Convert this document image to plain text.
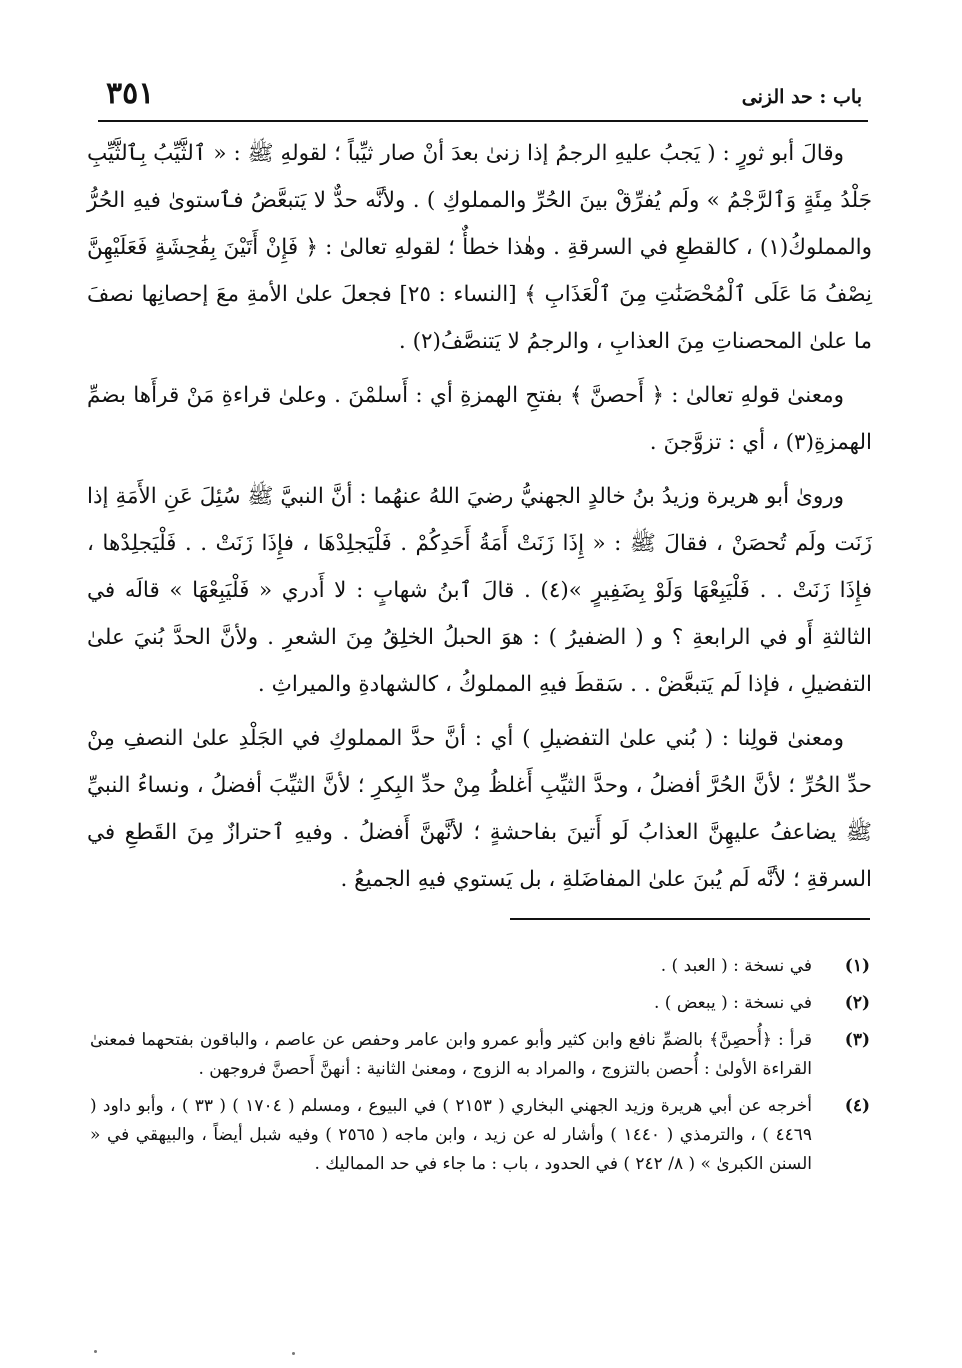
باب : حد الزنى
٣٥١

وقالَ أبو ثورٍ : ( يَجبُ عليهِ الرجمُ إذا زنىٰ بعدَ أنْ صار ثيِّباً ؛ لقولهِ ﷺ : « ٱلثَّيِّبُ بِٱلثَّيِّبِ جَلْدُ مِئَةٍ وَٱلرَّجْمُ » ولَم يُفرِّقْ بينَ الحُرِّ والمملوكِ ) . ولأنَّه حدٌّ لا يَتبعَّضُ فٱستوىٰ فيهِ الحُرُّ والمملوكُ(١) ، كالقطعِ في السرقةِ . وهٰذا خطأٌ ؛ لقولهِ تعالىٰ : ﴿ فَإِنْ أَتَيْنَ بِفَٰحِشَةٍ فَعَلَيْهِنَّ نِصْفُ مَا عَلَى ٱلْمُحْصَنَٰتِ مِنَ ٱلْعَذَابِ ﴾ [النساء : ٢٥] فجعلَ علىٰ الأمةِ معَ إحصانِها نصفَ ما علىٰ المحصناتِ مِنَ العذابِ ، والرجمُ لا يَتنصَّفُ(٢) .

ومعنىٰ قولهِ تعالىٰ : ﴿ أَحصنَّ ﴾ بفتحِ الهمزةِ أي : أَسلمْنَ . وعلىٰ قراءةِ مَنْ قرأَها بضمِّ الهمزةِ(٣) ، أي : تزوَّجنَ .

وروىٰ أبو هريرة وزيدُ بنُ خالدٍ الجهنيُّ رضيَ اللهُ عنهُما : أنَّ النبيَّ ﷺ سُئِلَ عَنِ الأَمَةِ إذا زَنَت ولَم تُحصَنْ ، فقالَ ﷺ : « إِذَا زَنَتْ أَمَةُ أَحَدِكُمْ . فَلْيَجلِدْهَا ، فإِذَا زَنَتْ . . فَلْيَجلِدْها ، فإِذَا زَنَتْ . . فَلْيَبِعْهَا وَلَوْ بِضَفِيرٍ »(٤) . قالَ ٱبنُ شهابٍ : لا أَدري « فَلْيَبِعْهَا » قالَه في الثالثةِ أَو في الرابعةِ ؟ و ( الضفيرُ ) : هوَ الحبلُ الخلِقُ مِنَ الشعرِ . ولأنَّ الحدَّ بُنيَ علىٰ التفضيلِ ، فإذا لَم يَتبعَّضْ . . سَقطَ فيهِ المملوكُ ، كالشهادةِ والميراثِ .

ومعنىٰ قولِنا : ( بُني علىٰ التفضيلِ ) أي : أنَّ حدَّ المملوكِ في الجَلْدِ علىٰ النصفِ مِنْ حدِّ الحُرِّ ؛ لأنَّ الحُرَّ أفضلُ ، وحدَّ الثيِّبِ أَغلظُ مِنْ حدِّ البِكرِ ؛ لأنَّ الثيِّبَ أفضلُ ، ونساءُ النبيِّ ﷺ يضاعفُ عليهِنَّ العذابُ لَو أَتينَ بفاحشةٍ ؛ لأنَّهنَّ أَفضلُ . وفيهِ ٱحترازٌ مِنَ القَطعِ في السرقةِ ؛ لأنَّه لَم يُبنَ علىٰ المفاضَلةِ ، بل يَستوي فيهِ الجميعُ .

(١)
في نسخة : ( العبد ) .
(٢)
في نسخة : ( يبعض ) .
(٣)
قرأ : ﴿أُحصِنَّ﴾ بالضمِّ نافع وابن كثير وأبو عمرو وابن عامر وحفص عن عاصم ، والباقون بفتحهما فمعنىٰ القراءة الأولىٰ : أُحصن بالتزوج ، والمراد به الزوج ، ومعنىٰ الثانية : أنهنَّ أَحصنَّ فروجهن .
(٤)
أخرجه عن أبي هريرة وزيد الجهني البخاري ( ٢١٥٣ ) في البيوع ، ومسلم ( ١٧٠٤ ) ( ٣٣ ) ، وأبو داود ( ٤٤٦٩ ) ، والترمذي ( ١٤٤٠ ) وأشار له عن زيد ، وابن ماجه ( ٢٥٦٥ ) وفيه شبل أيضاً ، والبيهقي في « السنن الكبرىٰ » ( ٨/ ٢٤٢ ) في الحدود ، باب : ما جاء في حد المماليك .
